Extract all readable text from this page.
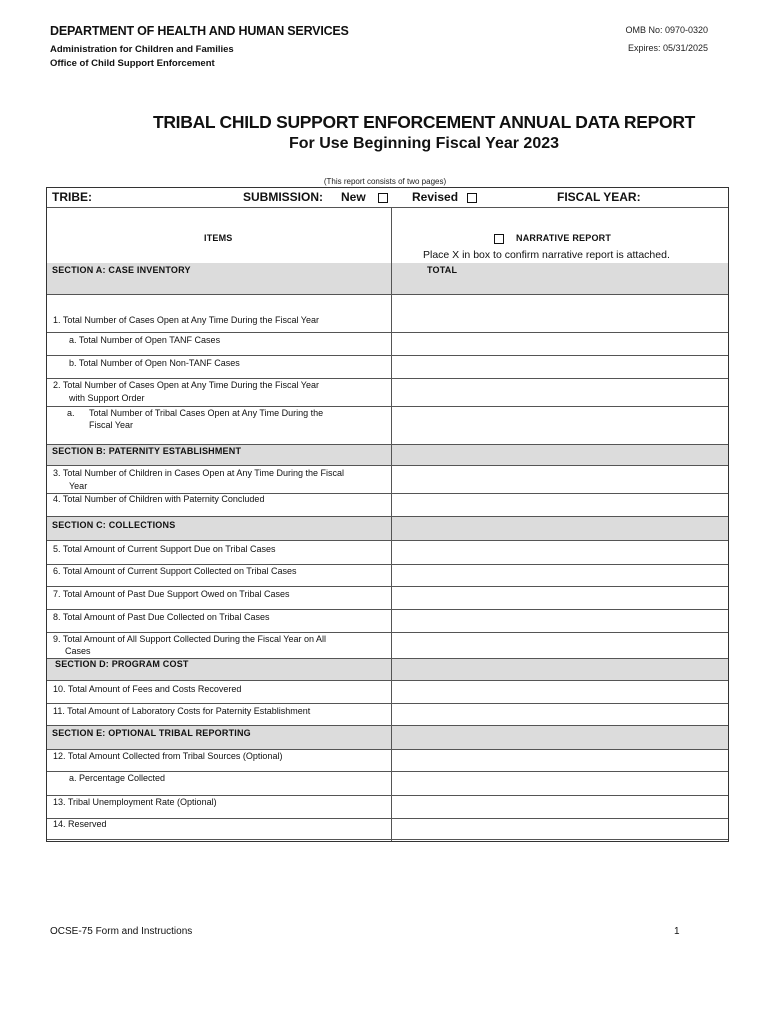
DEPARTMENT OF HEALTH AND HUMAN SERVICES
Administration for Children and Families
Office of Child Support Enforcement
OMB No: 0970-0320
Expires: 05/31/2025
TRIBAL CHILD SUPPORT ENFORCEMENT ANNUAL DATA REPORT
For Use Beginning Fiscal Year 2023
(This report consists of two pages)
TRIBE:	SUBMISSION: New	Revised	FISCAL YEAR:
ITEMS	NARRATIVE REPORT
Place X in box to confirm narrative report is attached.
SECTION A: CASE INVENTORY	TOTAL
1. Total Number of Cases Open at Any Time During the Fiscal Year
a. Total Number of Open TANF Cases
b. Total Number of Open Non-TANF Cases
2. Total Number of Cases Open at Any Time During the Fiscal Year
with Support Order
a. Total Number of Tribal Cases Open at Any Time During the
Fiscal Year
SECTION B: PATERNITY ESTABLISHMENT
3. Total Number of Children in Cases Open at Any Time During the Fiscal
Year
4. Total Number of Children with Paternity Concluded
SECTION C: COLLECTIONS
5. Total Amount of Current Support Due on Tribal Cases
6. Total Amount of Current Support Collected on Tribal Cases
7. Total Amount of Past Due Support Owed on Tribal Cases
8. Total Amount of Past Due Collected on Tribal Cases
9. Total Amount of All Support Collected During the Fiscal Year on All
Cases
SECTION D: PROGRAM COST
10. Total Amount of Fees and Costs Recovered
11. Total Amount of Laboratory Costs for Paternity Establishment
SECTION E: OPTIONAL TRIBAL REPORTING
12. Total Amount Collected from Tribal Sources (Optional)
a. Percentage Collected
13. Tribal Unemployment Rate (Optional)
14. Reserved
OCSE-75 Form and Instructions	1
